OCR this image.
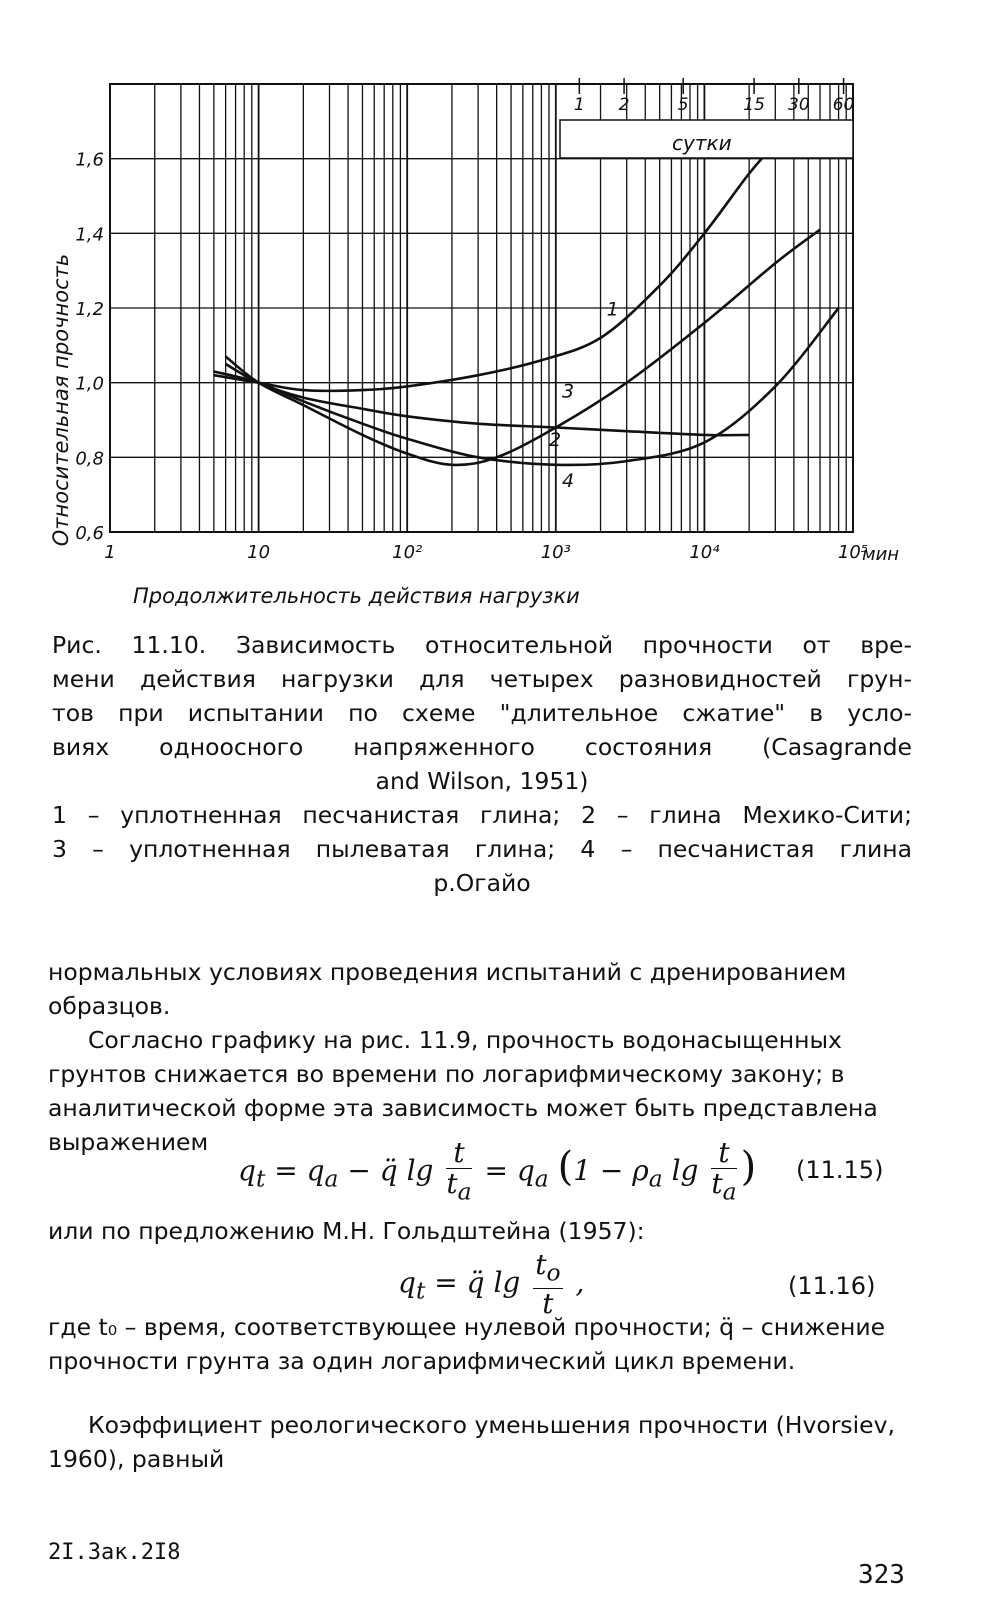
1
2
3
4
0,6
0,8
1,0
1,2
1,4
1,6
1	10	10²	10³	10⁴	10⁵
Относительная прочность
Продолжительность действия нагрузки
мин
сутки
1 2	5	15 30 60
Рис. 11.10. Зависимость относительной прочности от вре-
мени действия нагрузки для четырех разновидностей грун-
тов при испытании по схеме "длительное сжатие" в усло-
виях одноосного напряженного состояния (Casagrande
and Wilson, 1951)
1 – уплотненная песчанистая глина; 2 – глина Мехико-Сити;
3 – уплотненная пылеватая глина; 4 – песчанистая глина
р.Огайо
нормальных условиях проведения испытаний с дренированием образцов.
Согласно графику на рис. 11.9, прочность водонасыщенных грунтов снижается во времени по логарифмическому закону; в аналитической форме эта зависимость может быть представлена выражением
$q_t = q_a$ − q̈ $\lg \frac{t}{t_a} = q_a$ ($1 - \rho_a$ $\lg \frac{t}{t_a}$ ) (11.15)
или по предложению М.Н. Гольдштейна (1957):
$q_t$ = q̈ $\lg \frac{t_o}{t}$ ,	(11.16)
где t₀ – время, соответствующее нулевой прочности; q̈ – снижение прочности грунта за один логарифмический цикл времени.
Коэффициент реологического уменьшения прочности (Hvorsiev, 1960), равный
2I.Зак.2I8
323
